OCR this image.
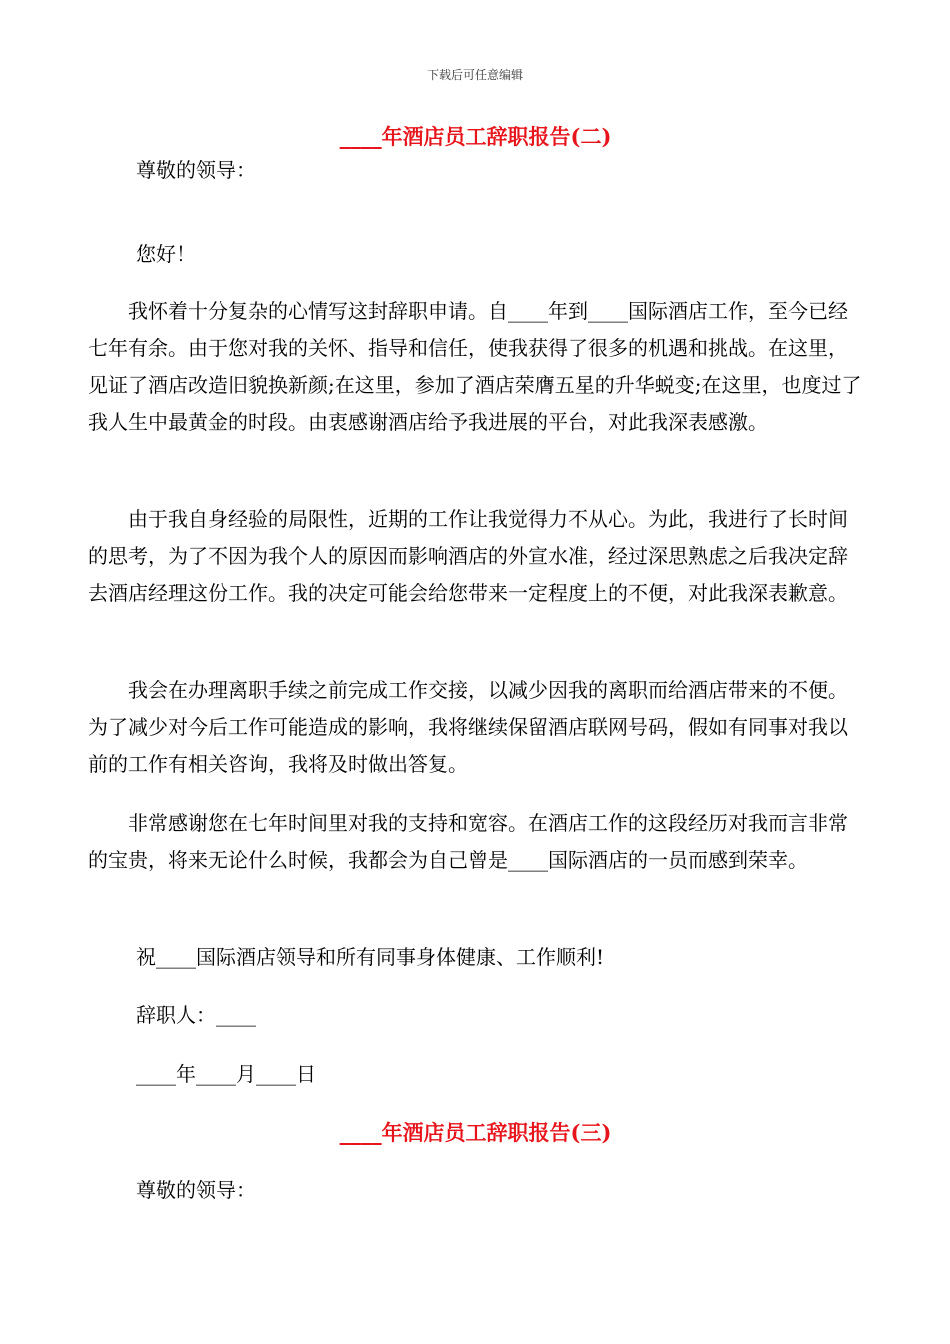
下载后可任意编辑
____年酒店员工辞职报告(二)
尊敬的领导：
您好！

我怀着十分复杂的心情写这封辞职申请。自____年到____国际酒店工作，至今已经七年有余。由于您对我的关怀、指导和信任，使我获得了很多的机遇和挑战。在这里，见证了酒店改造旧貌换新颜;在这里，参加了酒店荣膺五星的升华蜕变;在这里，也度过了我人生中最黄金的时段。由衷感谢酒店给予我进展的平台，对此我深表感激。

由于我自身经验的局限性，近期的工作让我觉得力不从心。为此，我进行了长时间的思考，为了不因为我个人的原因而影响酒店的外宣水准，经过深思熟虑之后我决定辞去酒店经理这份工作。我的决定可能会给您带来一定程度上的不便，对此我深表歉意。

我会在办理离职手续之前完成工作交接，以减少因我的离职而给酒店带来的不便。为了减少对今后工作可能造成的影响，我将继续保留酒店联网号码，假如有同事对我以前的工作有相关咨询，我将及时做出答复。

非常感谢您在七年时间里对我的支持和宽容。在酒店工作的这段经历对我而言非常的宝贵，将来无论什么时候，我都会为自己曾是____国际酒店的一员而感到荣幸。

祝____国际酒店领导和所有同事身体健康、工作顺利!
辞职人：____
____年____月____日
____年酒店员工辞职报告(三)
尊敬的领导：
